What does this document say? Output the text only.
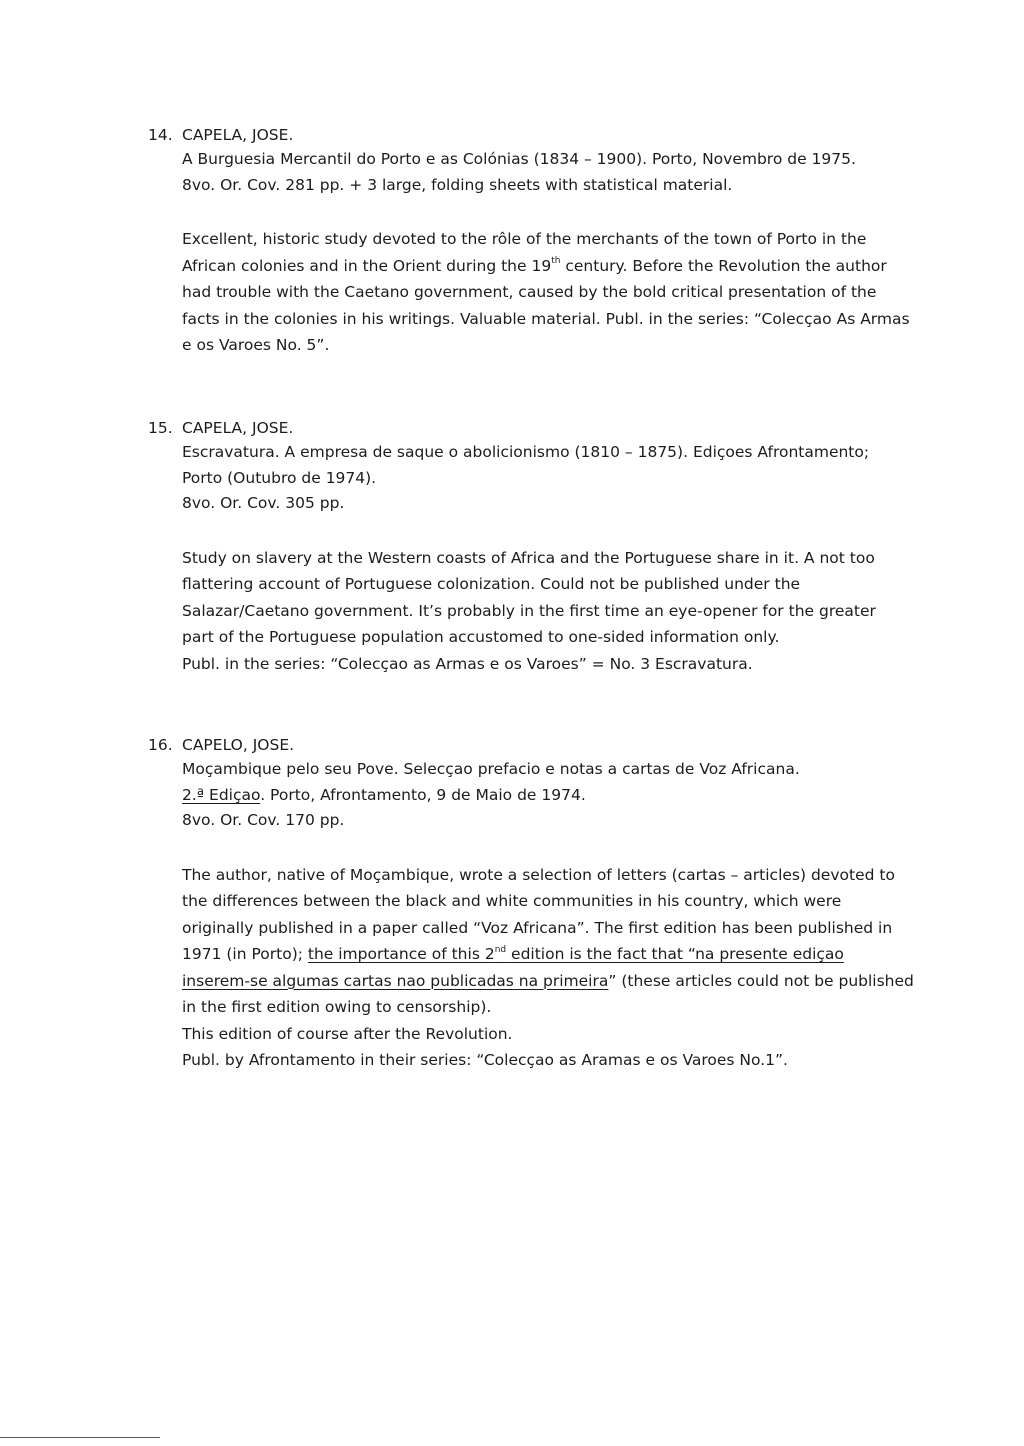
14. CAPELA, JOSE.
A Burguesia Mercantil do Porto e as Colónias (1834 – 1900). Porto, Novembro de 1975.
8vo. Or. Cov. 281 pp. + 3 large, folding sheets with statistical material.
Excellent, historic study devoted to the rôle of the merchants of the town of Porto in the
African colonies and in the Orient during the 19th century. Before the Revolution the author
had trouble with the Caetano government, caused by the bold critical presentation of the
facts in the colonies in his writings. Valuable material. Publ. in the series: “Colecçao As Armas
e os Varoes No. 5”.
15. CAPELA, JOSE.
Escravatura. A empresa de saque o abolicionismo (1810 – 1875). Ediçoes Afrontamento;
Porto (Outubro de 1974).
8vo. Or. Cov. 305 pp.
Study on slavery at the Western coasts of Africa and the Portuguese share in it. A not too
flattering account of Portuguese colonization. Could not be published under the
Salazar/Caetano government. It’s probably in the first time an eye-opener for the greater
part of the Portuguese population accustomed to one-sided information only.
Publ. in the series: “Colecçao as Armas e os Varoes” = No. 3 Escravatura.
16. CAPELO, JOSE.
Moçambique pelo seu Pove. Selecçao prefacio e notas a cartas de Voz Africana.
2.ª Ediçao. Porto, Afrontamento, 9 de Maio de 1974.
8vo. Or. Cov. 170 pp.
The author, native of Moçambique, wrote a selection of letters (cartas – articles) devoted to
the differences between the black and white communities in his country, which were
originally published in a paper called “Voz Africana”. The first edition has been published in
1971 (in Porto); the importance of this 2nd edition is the fact that “na presente ediçao
inserem-se algumas cartas nao publicadas na primeira” (these articles could not be published
in the first edition owing to censorship).
This edition of course after the Revolution.
Publ. by Afrontamento in their series: “Colecçao as Aramas e os Varoes No.1”.
